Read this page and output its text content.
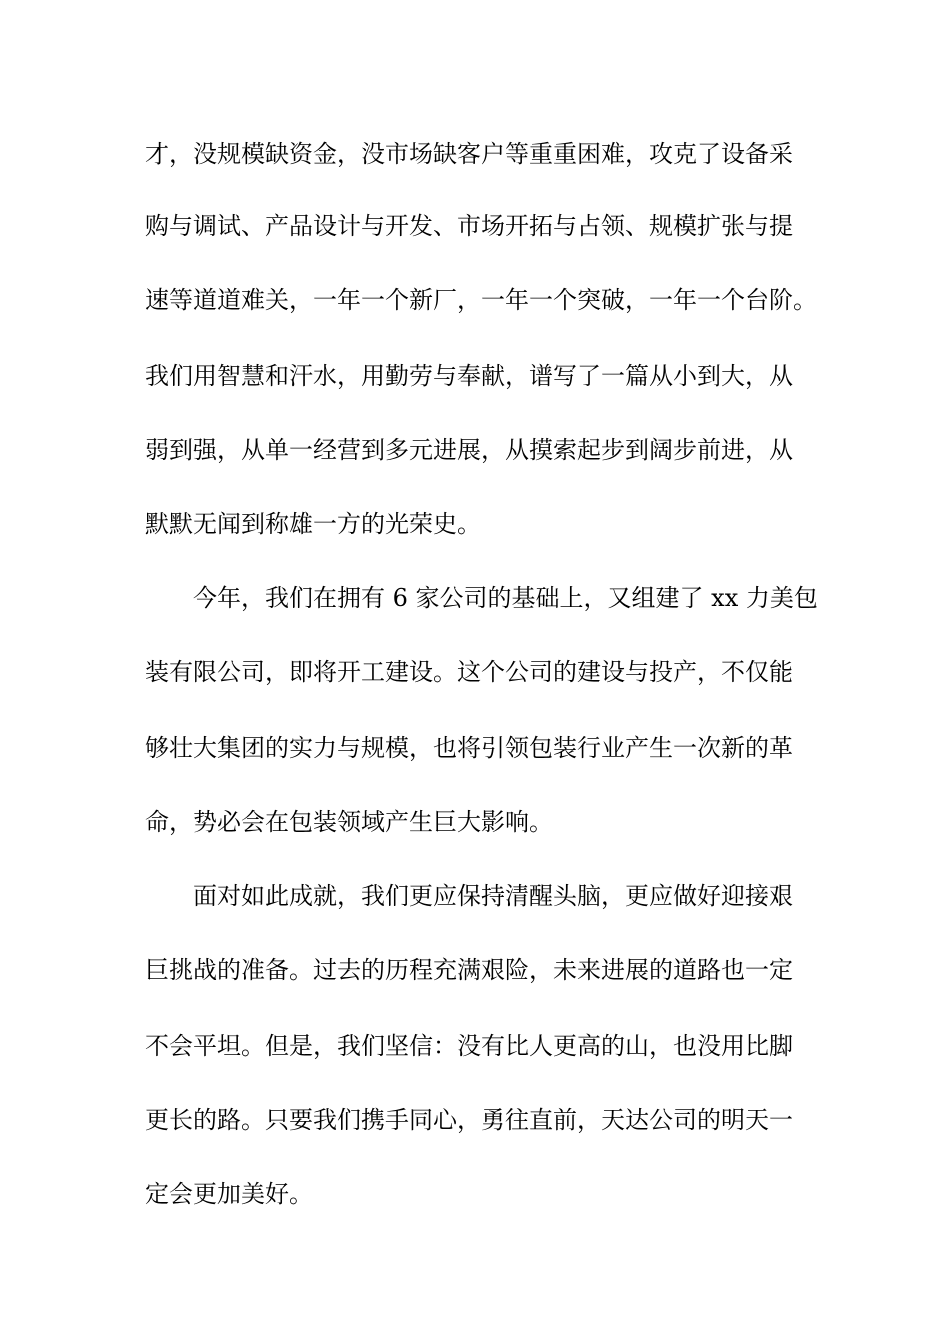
才，没规模缺资金，没市场缺客户等重重困难，攻克了设备采
购与调试、产品设计与开发、市场开拓与占领、规模扩张与提
速等道道难关，一年一个新厂，一年一个突破，一年一个台阶。
我们用智慧和汗水，用勤劳与奉献，谱写了一篇从小到大，从
弱到强，从单一经营到多元进展，从摸索起步到阔步前进，从
默默无闻到称雄一方的光荣史。
今年，我们在拥有 6 家公司的基础上，又组建了 xx 力美包
装有限公司，即将开工建设。这个公司的建设与投产，不仅能
够壮大集团的实力与规模，也将引领包装行业产生一次新的革
命，势必会在包装领域产生巨大影响。
面对如此成就，我们更应保持清醒头脑，更应做好迎接艰
巨挑战的准备。过去的历程充满艰险，未来进展的道路也一定
不会平坦。但是，我们坚信：没有比人更高的山，也没用比脚
更长的路。只要我们携手同心，勇往直前，天达公司的明天一
定会更加美好。
